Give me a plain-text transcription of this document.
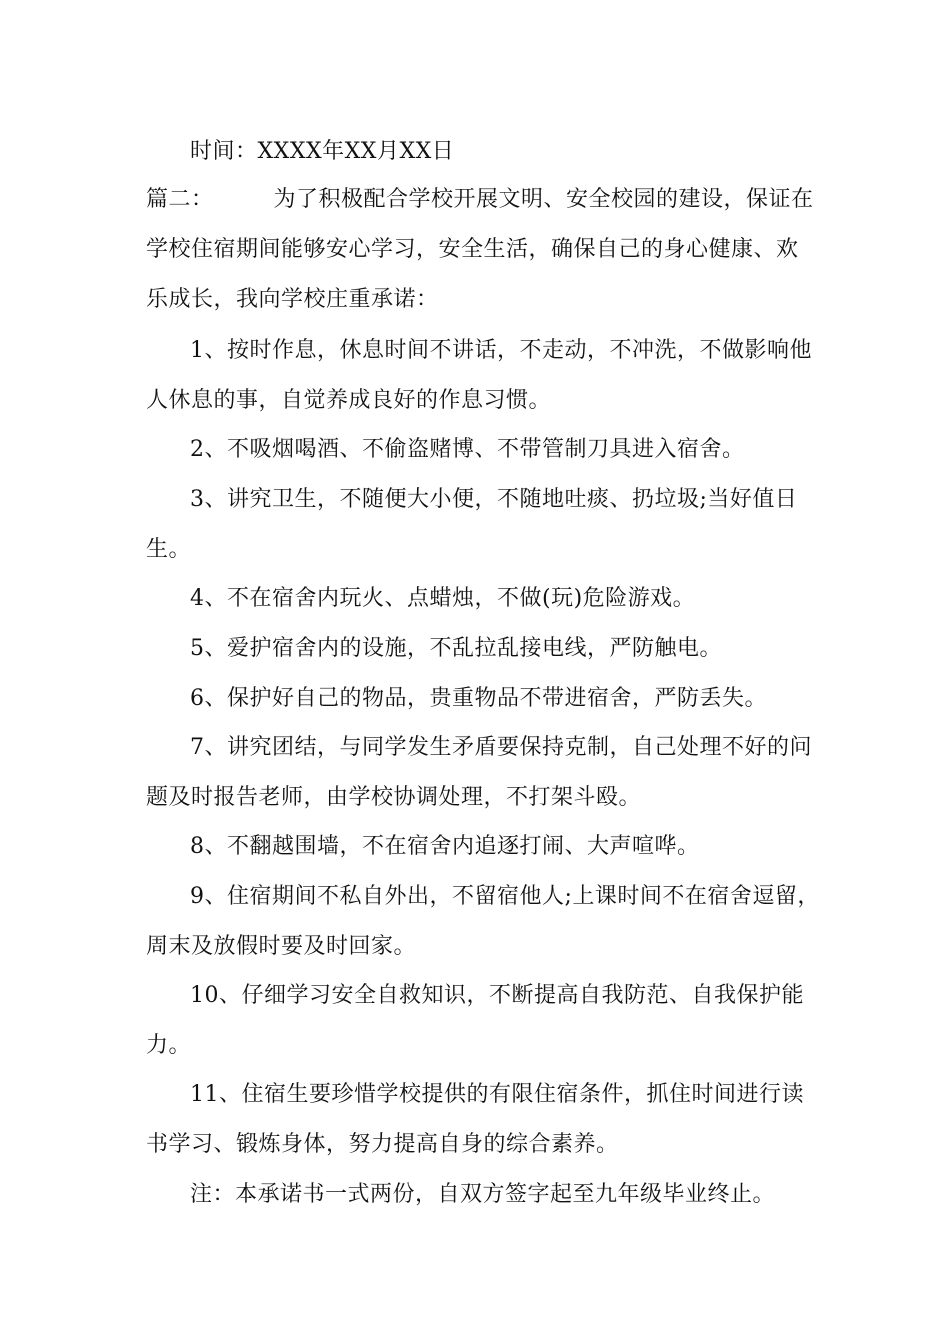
时间：XXXX年XX月XX日
篇二：        为了积极配合学校开展文明、安全校园的建设，保证在
学校住宿期间能够安心学习，安全生活，确保自己的身心健康、欢
乐成长，我向学校庄重承诺：
1、按时作息，休息时间不讲话，不走动，不冲洗，不做影响他
人休息的事，自觉养成良好的作息习惯。
2、不吸烟喝酒、不偷盗赌博、不带管制刀具进入宿舍。
3、讲究卫生，不随便大小便，不随地吐痰、扔垃圾;当好值日
生。
4、不在宿舍内玩火、点蜡烛，不做(玩)危险游戏。
5、爱护宿舍内的设施，不乱拉乱接电线，严防触电。
6、保护好自己的物品，贵重物品不带进宿舍，严防丢失。
7、讲究团结，与同学发生矛盾要保持克制，自己处理不好的问
题及时报告老师，由学校协调处理，不打架斗殴。
8、不翻越围墙，不在宿舍内追逐打闹、大声喧哗。
9、住宿期间不私自外出，不留宿他人;上课时间不在宿舍逗留，
周末及放假时要及时回家。
10、仔细学习安全自救知识，不断提高自我防范、自我保护能
力。
11、住宿生要珍惜学校提供的有限住宿条件，抓住时间进行读
书学习、锻炼身体，努力提高自身的综合素养。
注：本承诺书一式两份，自双方签字起至九年级毕业终止。
